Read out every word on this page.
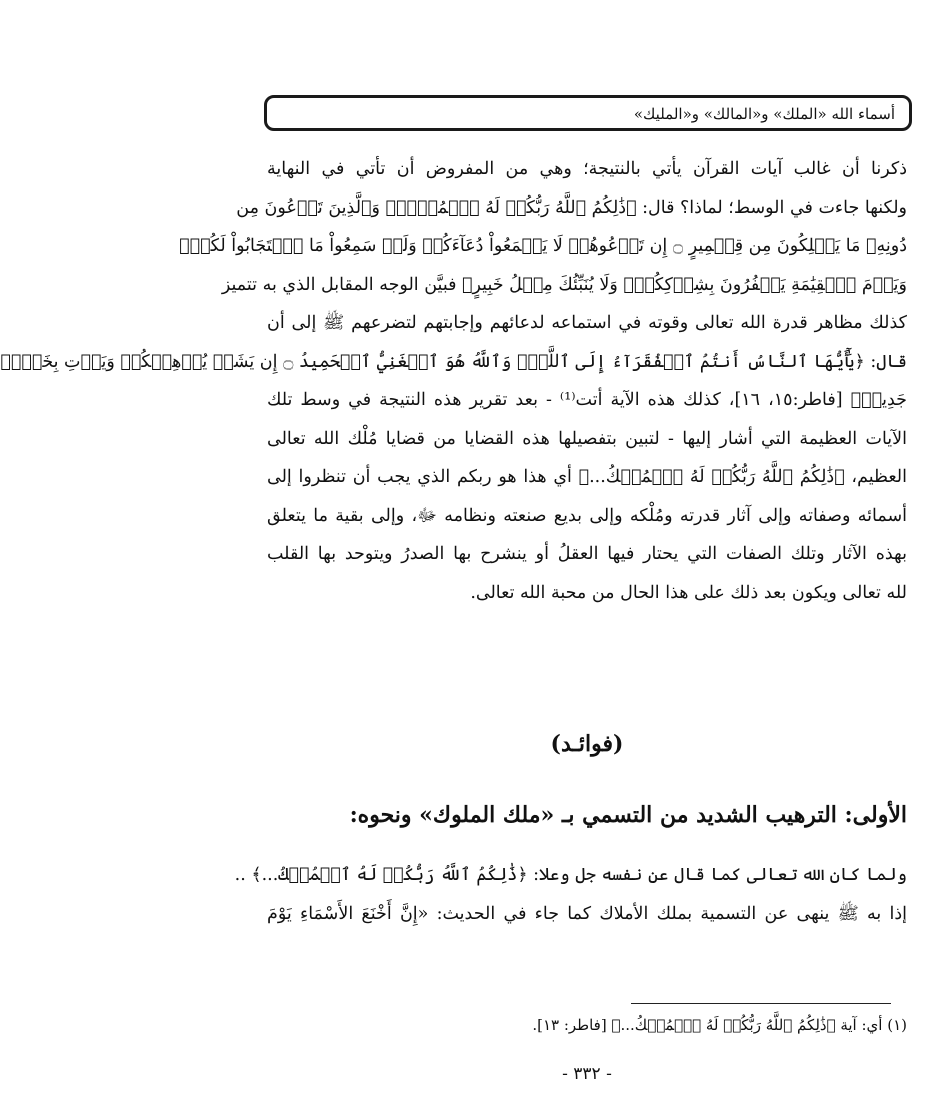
أسماء الله «الملك» و«المالك» و«المليك»
ذكرنا أن غالب آيات القرآن يأتي بالنتيجة؛ وهي من المفروض أن تأتي في النهاية
ولكنها جاءت في الوسط؛ لماذا؟ قال: ﴿ذَٰلِكُمُ ٱللَّهُ رَبُّكُمۡ لَهُ ٱلۡمُلۡكُۚ وَٱلَّذِينَ تَدۡعُونَ مِن
دُونِهِۦ مَا يَمۡلِكُونَ مِن قِطۡمِيرٍ ۝ إِن تَدۡعُوهُمۡ لَا يَسۡمَعُواْ دُعَآءَكُمۡ وَلَوۡ سَمِعُواْ مَا ٱسۡتَجَابُواْ لَكُمۡۖ
وَيَوۡمَ ٱلۡقِيَٰمَةِ يَكۡفُرُونَ بِشِرۡكِكُمۡۚ وَلَا يُنَبِّئُكَ مِثۡلُ خَبِيرٍ﴾ فبيَّن الوجه المقابل الذي به تتميز
كذلك مظاهر قدرة الله تعالى وقوته في استماعه لدعائهم وإجابتهم لتضرعهم ﷺ إلى أن
قال: ﴿يَٰٓأَيُّهَا ٱلنَّاسُ أَنتُمُ ٱلۡفُقَرَآءُ إِلَى ٱللَّهِۖ وَٱللَّهُ هُوَ ٱلۡغَنِيُّ ٱلۡحَمِيدُ ۝ إِن يَشَأۡ يُذۡهِبۡكُمۡ وَيَأۡتِ بِخَلۡقٖ
جَدِيدٖ﴾ [فاطر:١٥، ١٦]، كذلك هذه الآية أتت⁽¹⁾ - بعد تقرير هذه النتيجة في وسط تلك
الآيات العظيمة التي أشار إليها - لتبين بتفصيلها هذه القضايا من قضايا مُلْك الله تعالى
العظيم، ﴿ذَٰلِكُمُ ٱللَّهُ رَبُّكُمۡ لَهُ ٱلۡمُلۡكُ...﴾ أي هذا هو ربكم الذي يجب أن تنظروا إلى
أسمائه وصفاته وإلى آثار قدرته ومُلْكه وإلى بديع صنعته ونظامه ﷻ، وإلى بقية ما يتعلق
بهذه الآثار وتلك الصفات التي يحتار فيها العقلُ أو ينشرح بها الصدرُ ويتوحد بها القلب
لله تعالى ويكون بعد ذلك على هذا الحال من محبة الله تعالى.
(فوائـد)
الأولى: الترهيب الشديد من التسمي بـ «ملك الملوك» ونحوه:
ولما كان الله تعالى كما قال عن نفسه جل وعلا: ﴿ذَٰلِكُمُ ٱللَّهُ رَبُّكُمۡ لَهُ ٱلۡمُلۡكُ...﴾ ..
إذا به ﷺ ينهى عن التسمية بملك الأملاك كما جاء في الحديث: «إِنَّ أَخْنَعَ الأَسْمَاءِ يَوْمَ
(١) أي: آية ﴿ذَٰلِكُمُ ٱللَّهُ رَبُّكُمۡ لَهُ ٱلۡمُلۡكُ...﴾ [فاطر: ١٣].
- ٣٣٢ -
